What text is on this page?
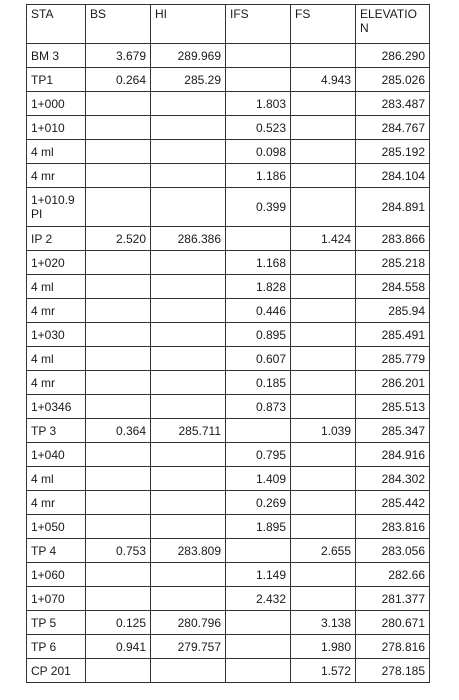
STA	BS	HI	IFS	FS	ELEVATION
BM 3	3.679	289.969			286.290
TP1	0.264	285.29		4.943	285.026
1+000			1.803		283.487
1+010			0.523		284.767
4 ml			0.098		285.192
4 mr			1.186		284.104
1+010.9 PI			0.399		284.891
IP 2	2.520	286.386		1.424	283.866
1+020			1.168		285.218
4 ml			1.828		284.558
4 mr			0.446		285.94
1+030			0.895		285.491
4 ml			0.607		285.779
4 mr			0.185		286.201
1+0346			0.873		285.513
TP 3	0.364	285.711		1.039	285.347
1+040			0.795		284.916
4 ml			1.409		284.302
4 mr			0.269		285.442
1+050			1.895		283.816
TP 4	0.753	283.809		2.655	283.056
1+060			1.149		282.66
1+070			2.432		281.377
TP 5	0.125	280.796		3.138	280.671
TP 6	0.941	279.757		1.980	278.816
CP 201				1.572	278.185
